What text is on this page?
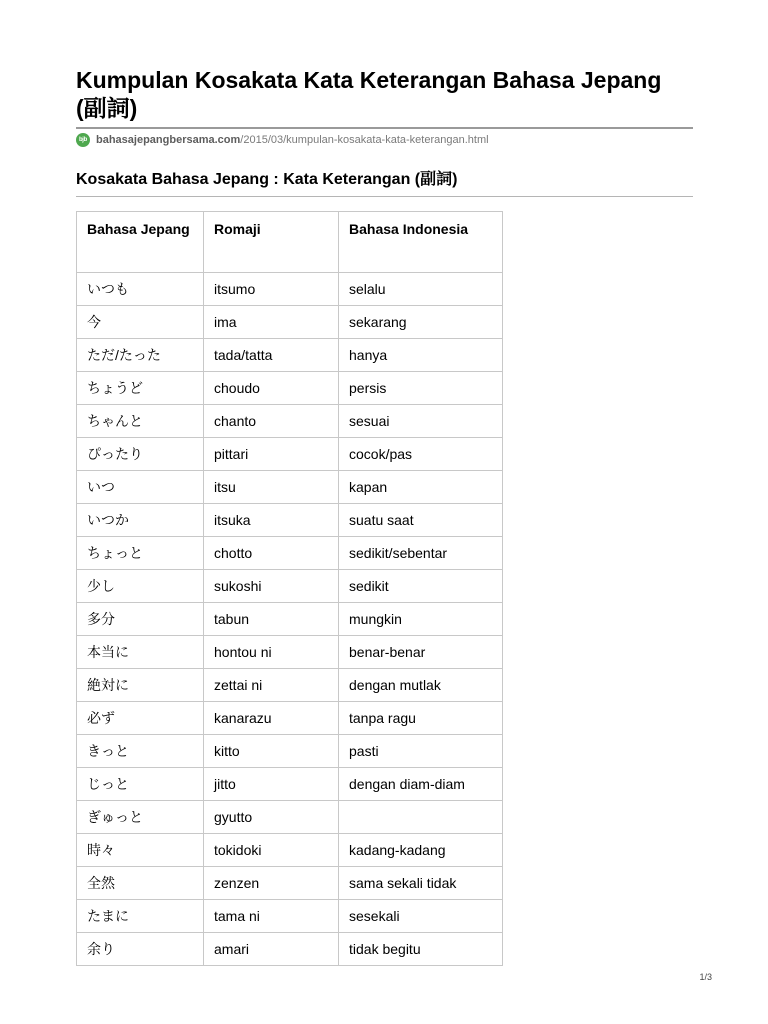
Kumpulan Kosakata Kata Keterangan Bahasa Jepang (副詞)
bjb bahasajepangbersama.com/2015/03/kumpulan-kosakata-kata-keterangan.html
Kosakata Bahasa Jepang : Kata Keterangan (副詞)
Bahasa Jepang	Romaji	Bahasa Indonesia
いつも	itsumo	selalu
今	ima	sekarang
ただ/たった	tada/tatta	hanya
ちょうど	choudo	persis
ちゃんと	chanto	sesuai
ぴったり	pittari	cocok/pas
いつ	itsu	kapan
いつか	itsuka	suatu saat
ちょっと	chotto	sedikit/sebentar
少し	sukoshi	sedikit
多分	tabun	mungkin
本当に	hontou ni	benar-benar
絶対に	zettai ni	dengan mutlak
必ず	kanarazu	tanpa ragu
きっと	kitto	pasti
じっと	jitto	dengan diam-diam
ぎゅっと	gyutto	
時々	tokidoki	kadang-kadang
全然	zenzen	sama sekali tidak
たまに	tama ni	sesekali
余り	amari	tidak begitu
1/3
